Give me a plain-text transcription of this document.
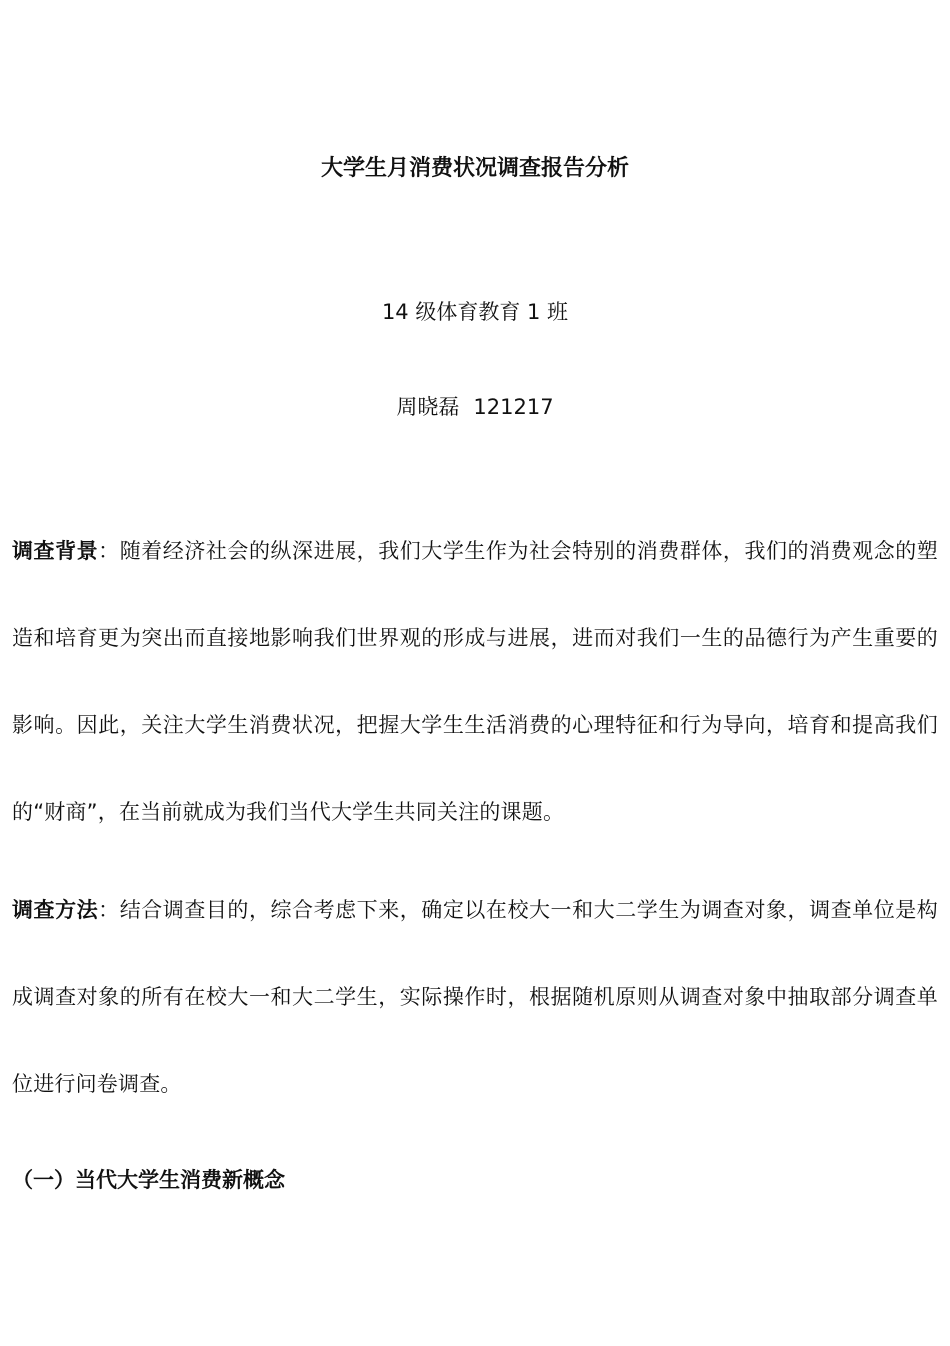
大学生月消费状况调查报告分析
14 级体育教育 1 班
周晓磊 121217

调查背景：随着经济社会的纵深进展，我们大学生作为社会特别的消费群体，我们的消费观念的塑造和培育更为突出而直接地影响我们世界观的形成与进展，进而对我们一生的品德行为产生重要的影响。因此，关注大学生消费状况，把握大学生生活消费的心理特征和行为导向，培育和提高我们的“财商”，在当前就成为我们当代大学生共同关注的课题。

调查方法：结合调查目的，综合考虑下来，确定以在校大一和大二学生为调查对象，调查单位是构成调查对象的所有在校大一和大二学生，实际操作时，根据随机原则从调查对象中抽取部分调查单位进行问卷调查。

（一）当代大学生消费新概念
